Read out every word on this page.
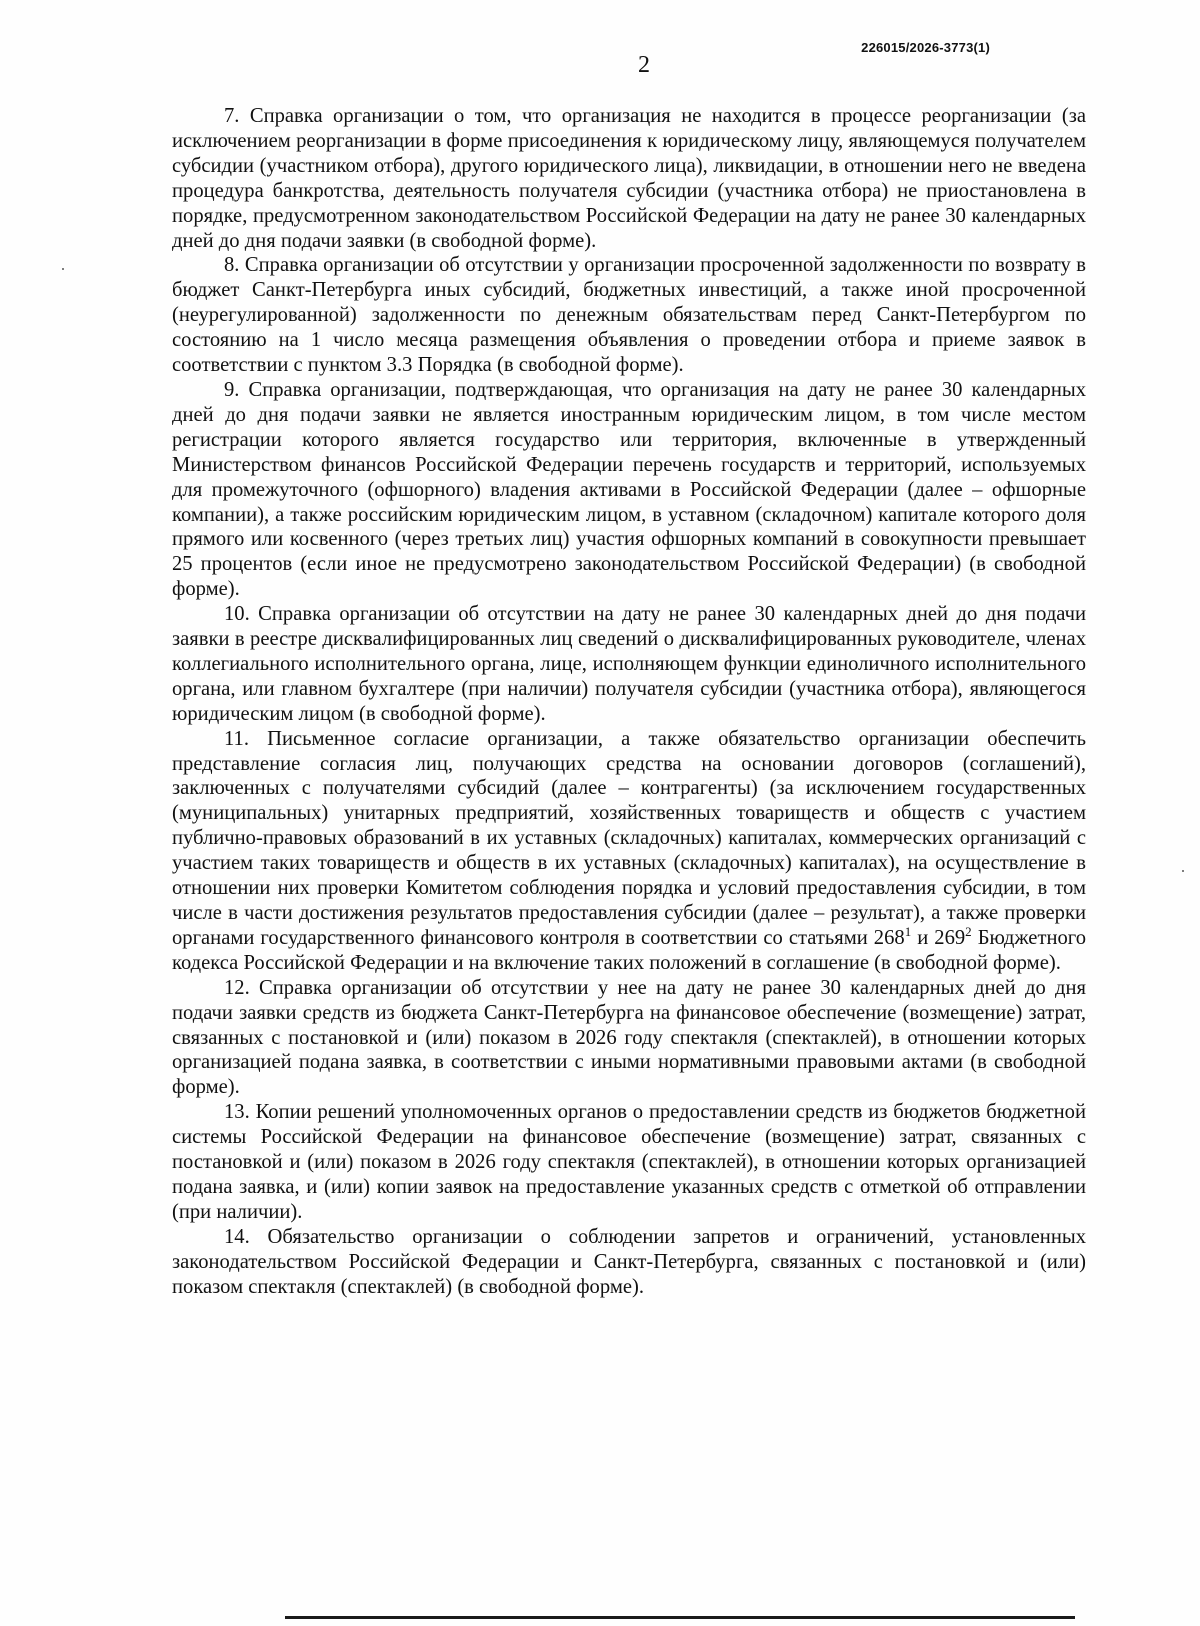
226015/2026-3773(1)

2

7. Справка организации о том, что организация не находится в процессе реорганизации (за исключением реорганизации в форме присоединения к юридическому лицу, являющемуся получателем субсидии (участником отбора), другого юридического лица), ликвидации, в отношении него не введена процедура банкротства, деятельность получателя субсидии (участника отбора) не приостановлена в порядке, предусмотренном законодательством Российской Федерации на дату не ранее 30 календарных дней до дня подачи заявки (в свободной форме).

8. Справка организации об отсутствии у организации просроченной задолженности по возврату в бюджет Санкт-Петербурга иных субсидий, бюджетных инвестиций, а также иной просроченной (неурегулированной) задолженности по денежным обязательствам перед Санкт-Петербургом по состоянию на 1 число месяца размещения объявления о проведении отбора и приеме заявок в соответствии с пунктом 3.3 Порядка (в свободной форме).

9. Справка организации, подтверждающая, что организация на дату не ранее 30 календарных дней до дня подачи заявки не является иностранным юридическим лицом, в том числе местом регистрации которого является государство или территория, включенные в утвержденный Министерством финансов Российской Федерации перечень государств и территорий, используемых для промежуточного (офшорного) владения активами в Российской Федерации (далее – офшорные компании), а также российским юридическим лицом, в уставном (складочном) капитале которого доля прямого или косвенного (через третьих лиц) участия офшорных компаний в совокупности превышает 25 процентов (если иное не предусмотрено законодательством Российской Федерации) (в свободной форме).

10. Справка организации об отсутствии на дату не ранее 30 календарных дней до дня подачи заявки в реестре дисквалифицированных лиц сведений о дисквалифицированных руководителе, членах коллегиального исполнительного органа, лице, исполняющем функции единоличного исполнительного органа, или главном бухгалтере (при наличии) получателя субсидии (участника отбора), являющегося юридическим лицом (в свободной форме).

11. Письменное согласие организации, а также обязательство организации обеспечить представление согласия лиц, получающих средства на основании договоров (соглашений), заключенных с получателями субсидий (далее – контрагенты) (за исключением государственных (муниципальных) унитарных предприятий, хозяйственных товариществ и обществ с участием публично-правовых образований в их уставных (складочных) капиталах, коммерческих организаций с участием таких товариществ и обществ в их уставных (складочных) капиталах), на осуществление в отношении них проверки Комитетом соблюдения порядка и условий предоставления субсидии, в том числе в части достижения результатов предоставления субсидии (далее – результат), а также проверки органами государственного финансового контроля в соответствии со статьями $268^1$ и $269^2$ Бюджетного кодекса Российской Федерации и на включение таких положений в соглашение (в свободной форме).

12. Справка организации об отсутствии у нее на дату не ранее 30 календарных дней до дня подачи заявки средств из бюджета Санкт-Петербурга на финансовое обеспечение (возмещение) затрат, связанных с постановкой и (или) показом в 2026 году спектакля (спектаклей), в отношении которых организацией подана заявка, в соответствии с иными нормативными правовыми актами (в свободной форме).

13. Копии решений уполномоченных органов о предоставлении средств из бюджетов бюджетной системы Российской Федерации на финансовое обеспечение (возмещение) затрат, связанных с постановкой и (или) показом в 2026 году спектакля (спектаклей), в отношении которых организацией подана заявка, и (или) копии заявок на предоставление указанных средств с отметкой об отправлении (при наличии).

14. Обязательство организации о соблюдении запретов и ограничений, установленных законодательством Российской Федерации и Санкт-Петербурга, связанных с постановкой и (или) показом спектакля (спектаклей) (в свободной форме).
